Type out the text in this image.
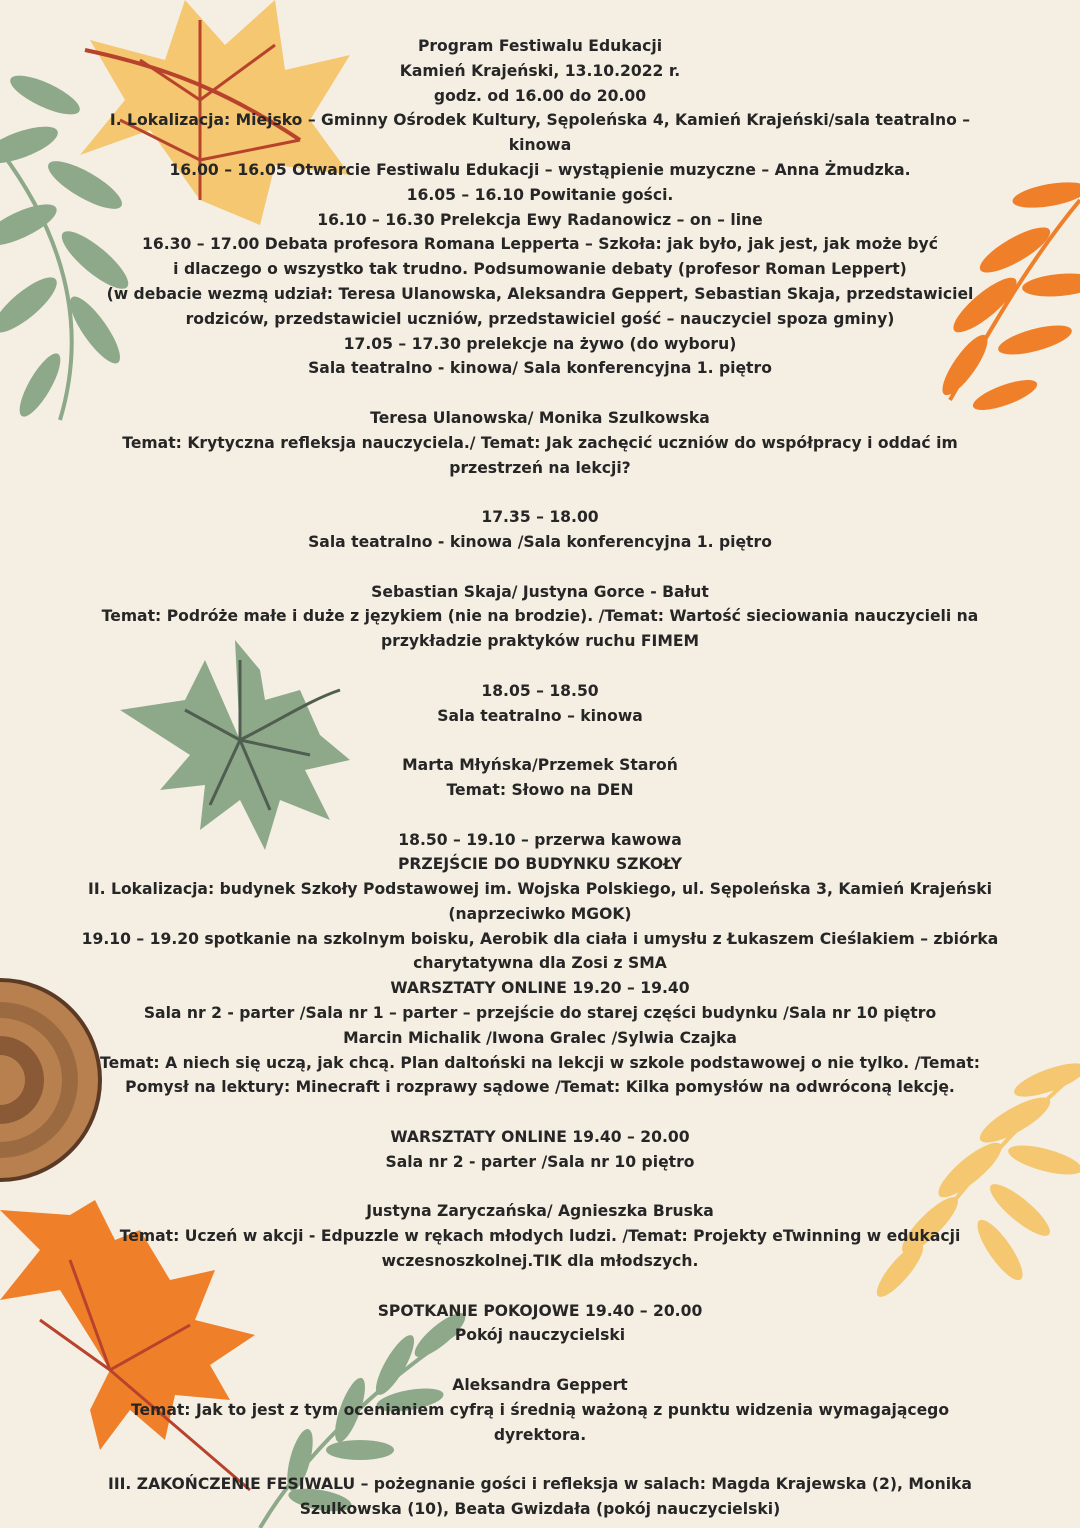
Program Festiwalu Edukacji

Kamień Krajeński, 13.10.2022 r.

godz. od 16.00 do 20.00

I. Lokalizacja: Miejsko – Gminny Ośrodek Kultury, Sępoleńska 4, Kamień Krajeński/sala teatralno –

kinowa

16.00 – 16.05 Otwarcie Festiwalu Edukacji – wystąpienie muzyczne – Anna Żmudzka.

16.05 – 16.10 Powitanie gości.

16.10 – 16.30 Prelekcja Ewy Radanowicz – on – line

16.30 – 17.00 Debata profesora Romana Lepperta – Szkoła: jak było, jak jest, jak może być

i dlaczego o wszystko tak trudno. Podsumowanie debaty (profesor Roman Leppert)

(w debacie wezmą udział: Teresa Ulanowska, Aleksandra Geppert, Sebastian Skaja, przedstawiciel

rodziców, przedstawiciel uczniów, przedstawiciel gość – nauczyciel spoza gminy)

17.05 – 17.30 prelekcje na żywo (do wyboru)

Sala teatralno - kinowa/ Sala konferencyjna 1. piętro

Teresa Ulanowska/ Monika Szulkowska

Temat: Krytyczna refleksja nauczyciela./ Temat: Jak zachęcić uczniów do współpracy i oddać im

przestrzeń na lekcji?

17.35 – 18.00

Sala teatralno - kinowa /Sala konferencyjna 1. piętro

Sebastian Skaja/ Justyna Gorce - Bałut

Temat: Podróże małe i duże z językiem (nie na brodzie). /Temat: Wartość sieciowania nauczycieli na

przykładzie praktyków ruchu FIMEM

18.05 – 18.50

Sala teatralno – kinowa

Marta Młyńska/Przemek Staroń

Temat: Słowo na DEN

18.50 – 19.10 – przerwa kawowa

PRZEJŚCIE DO BUDYNKU SZKOŁY

II. Lokalizacja: budynek Szkoły Podstawowej im. Wojska Polskiego, ul. Sępoleńska 3, Kamień Krajeński

(naprzeciwko MGOK)

19.10 – 19.20 spotkanie na szkolnym boisku, Aerobik dla ciała i umysłu z Łukaszem Cieślakiem – zbiórka

charytatywna dla Zosi z SMA

WARSZTATY ONLINE 19.20 – 19.40

Sala nr 2 - parter /Sala nr 1 – parter – przejście do starej części budynku /Sala nr 10 piętro

Marcin Michalik /Iwona Gralec /Sylwia Czajka

Temat: A niech się uczą, jak chcą. Plan daltoński na lekcji w szkole podstawowej o nie tylko. /Temat:

Pomysł na lektury: Minecraft i rozprawy sądowe /Temat: Kilka pomysłów na odwróconą lekcję.

WARSZTATY ONLINE 19.40 – 20.00

Sala nr 2 - parter /Sala nr 10 piętro

Justyna Zaryczańska/ Agnieszka Bruska

Temat: Uczeń w akcji - Edpuzzle w rękach młodych ludzi. /Temat: Projekty eTwinning w edukacji

wczesnoszkolnej.TIK dla młodszych.

SPOTKANIE POKOJOWE 19.40 – 20.00

Pokój nauczycielski

Aleksandra Geppert

Temat: Jak to jest z tym ocenianiem cyfrą i średnią ważoną z punktu widzenia wymagającego

dyrektora.

III. ZAKOŃCZENIE FESIWALU – pożegnanie gości i refleksja w salach: Magda Krajewska (2), Monika

Szulkowska (10), Beata Gwizdała (pokój nauczycielski)
